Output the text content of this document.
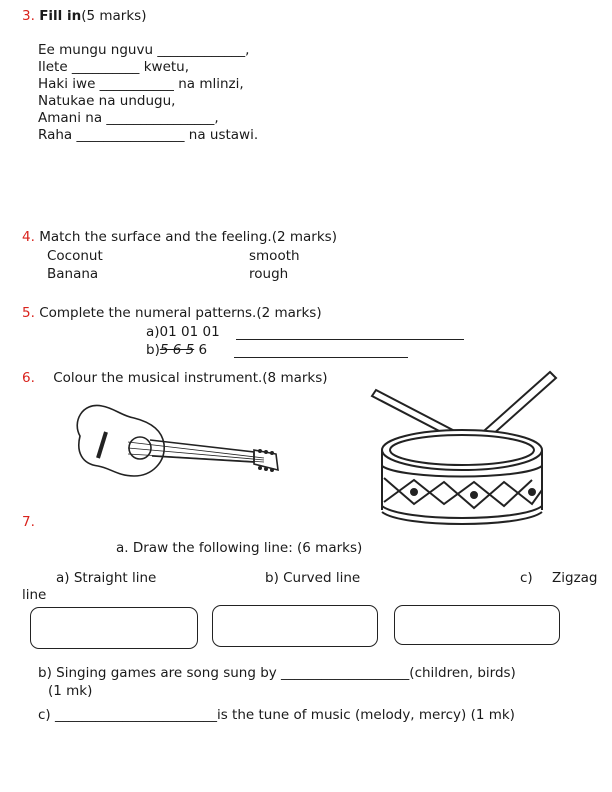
3. Fill in(5 marks)
Ee mungu nguvu _____________,
Ilete __________ kwetu,
Haki iwe ___________ na mlinzi,
Natukae na undugu,
Amani na ________________,
Raha ________________ na ustawi.
4. Match the surface and the feeling.(2 marks)
Coconut	smooth
Banana	rough
5. Complete the numeral patterns.(2 marks)
a)01 01 01
b)5 6 5 6
6. Colour the musical instrument.(8 marks)
7.
a. Draw the following line: (6 marks)
a) Straight line	b) Curved line	c) Zigzag
line
b) Singing games are song sung by ___________________(children, birds)
(1 mk)
c) ________________________is the tune of music (melody, mercy) (1 mk)
